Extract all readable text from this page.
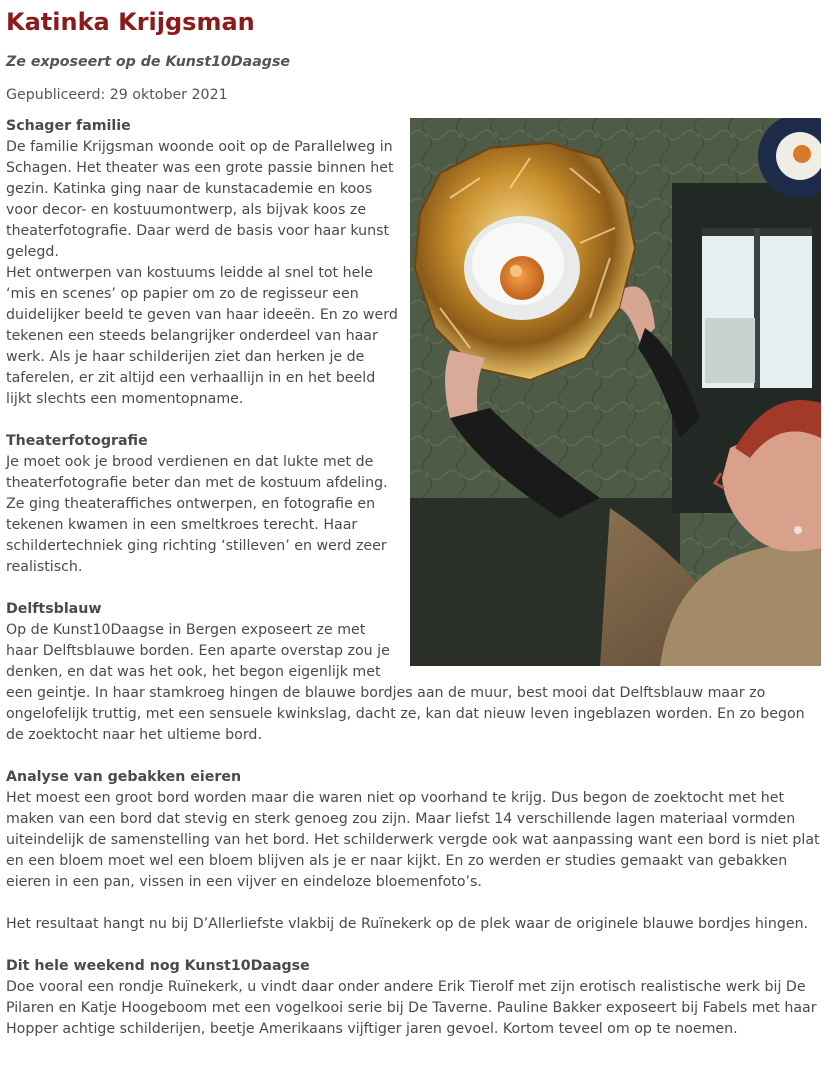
Katinka Krijgsman

Ze exposeert op de Kunst10Daagse

Gepubliceerd: 29 oktober 2021

Schager familie

De familie Krijgsman woonde ooit op de Parallelweg in Schagen. Het theater was een grote passie binnen het gezin. Katinka ging naar de kunstacademie en koos voor decor- en kostuumontwerp, als bijvak koos ze theaterfotografie. Daar werd de basis voor haar kunst gelegd.

Het ontwerpen van kostuums leidde al snel tot hele ‘mis en scenes’ op papier om zo de regisseur een duidelijker beeld te geven van haar ideeën. En zo werd tekenen een steeds belangrijker onderdeel van haar werk. Als je haar schilderijen ziet dan herken je de taferelen, er zit altijd een verhaallijn in en het beeld lijkt slechts een momentopname.

Theaterfotografie

Je moet ook je brood verdienen en dat lukte met de theaterfotografie beter dan met de kostuum afdeling. Ze ging theateraffiches ontwerpen, en fotografie en tekenen kwamen in een smeltkroes terecht. Haar schildertechniek ging richting ‘stilleven’ en werd zeer realistisch.

Delftsblauw

Op de Kunst10Daagse in Bergen exposeert ze met haar Delftsblauwe borden. Een aparte overstap zou je denken, en dat was het ook, het begon eigenlijk met een geintje. In haar stamkroeg hingen de blauwe bordjes aan de muur, best mooi dat Delftsblauw maar zo ongelofelijk truttig, met een sensuele kwinkslag, dacht ze, kan dat nieuw leven ingeblazen worden. En zo begon de zoektocht naar het ultieme bord.

Analyse van gebakken eieren

Het moest een groot bord worden maar die waren niet op voorhand te krijg. Dus begon de zoektocht met het maken van een bord dat stevig en sterk genoeg zou zijn. Maar liefst 14 verschillende lagen materiaal vormden uiteindelijk de samenstelling van het bord. Het schilderwerk vergde ook wat aanpassing want een bord is niet plat en een bloem moet wel een bloem blijven als je er naar kijkt. En zo werden er studies gemaakt van gebakken eieren in een pan, vissen in een vijver en eindeloze bloemenfoto’s.

Het resultaat hangt nu bij D’Allerliefste vlakbij de Ruïnekerk op de plek waar de originele blauwe bordjes hingen.

Dit hele weekend nog Kunst10Daagse

Doe vooral een rondje Ruïnekerk, u vindt daar onder andere Erik Tierolf met zijn erotisch realistische werk bij De Pilaren en Katje Hoogeboom met een vogelkooi serie bij De Taverne. Pauline Bakker exposeert bij Fabels met haar Hopper achtige schilderijen, beetje Amerikaans vijftiger jaren gevoel. Kortom teveel om op te noemen.
